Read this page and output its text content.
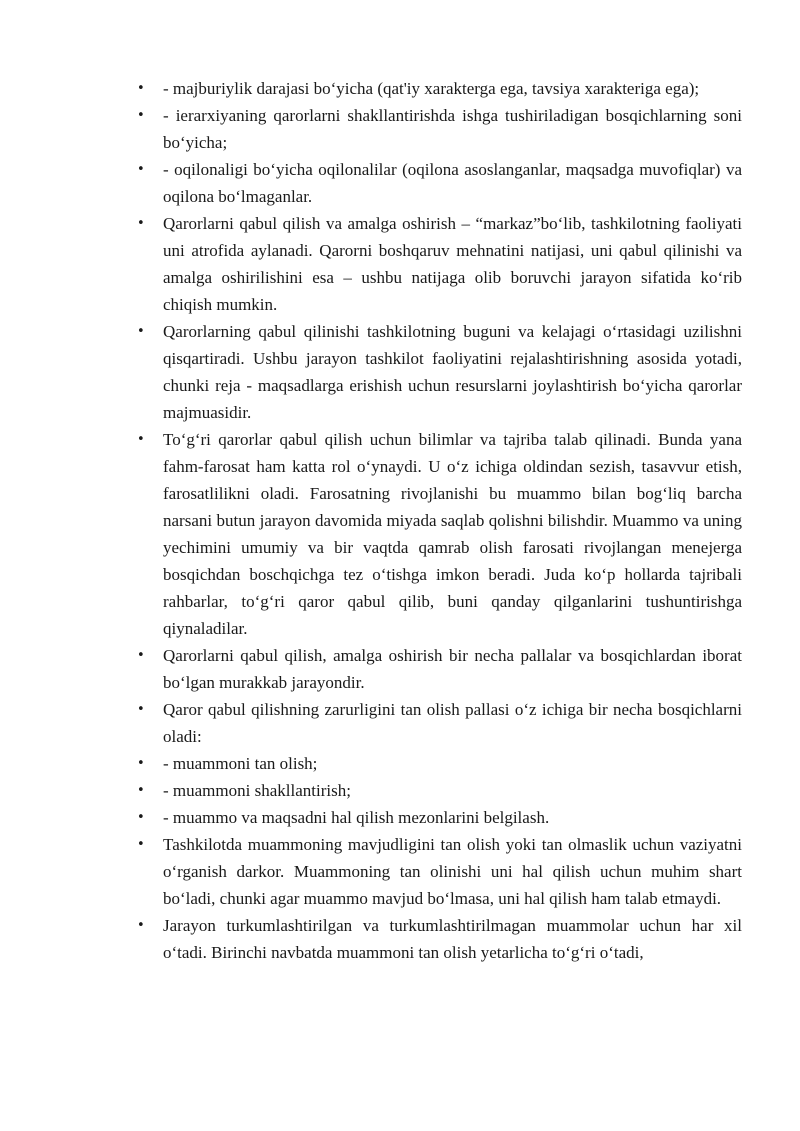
• - majburiylik darajasi bo‘yicha (qat'iy xarakterga ega, tavsiya xarakteriga ega);
• - ierarxiyaning qarorlarni shakllantirishda ishga tushiriladigan bosqichlarning soni bo‘yicha;
• - oqilonaligi bo‘yicha oqilonalilar (oqilona asoslanganlar, maqsadga muvofiqlar) va oqilona bo‘lmaganlar.
• Qarorlarni qabul qilish va amalga oshirish – “markaz”bo‘lib, tashkilotning faoliyati uni atrofida aylanadi. Qarorni boshqaruv mehnatini natijasi, uni qabul qilinishi va amalga oshirilishini esa – ushbu natijaga olib boruvchi jarayon sifatida ko‘rib chiqish mumkin.
• Qarorlarning qabul qilinishi tashkilotning buguni va kelajagi o‘rtasidagi uzilishni qisqartiradi. Ushbu jarayon tashkilot faoliyatini rejalashtirishning asosida yotadi, chunki reja - maqsadlarga erishish uchun resurslarni joylashtirish bo‘yicha qarorlar majmuasidir.
• To‘g‘ri qarorlar qabul qilish uchun bilimlar va tajriba talab qilinadi. Bunda yana fahm-farosat ham katta rol o‘ynaydi. U o‘z ichiga oldindan sezish, tasavvur etish, farosatlilikni oladi. Farosatning rivojlanishi bu muammo bilan bog‘liq barcha narsani butun jarayon davomida miyada saqlab qolishni bilishdir. Muammo va uning yechimini umumiy va bir vaqtda qamrab olish farosati rivojlangan menejerga bosqichdan boschqichga tez o‘tishga imkon beradi. Juda ko‘p hollarda tajribali rahbarlar, to‘g‘ri qaror qabul qilib, buni qanday qilganlarini tushuntirishga qiynaladilar.
• Qarorlarni qabul qilish, amalga oshirish bir necha pallalar va bosqichlardan iborat bo‘lgan murakkab jarayondir.
• Qaror qabul qilishning zarurligini tan olish pallasi o‘z ichiga bir necha bosqichlarni oladi:
• - muammoni tan olish;
• - muammoni shakllantirish;
• - muammo va maqsadni hal qilish mezonlarini belgilash.
• Tashkilotda muammoning mavjudligini tan olish yoki tan olmaslik uchun vaziyatni o‘rganish darkor. Muammoning tan olinishi uni hal qilish uchun muhim shart bo‘ladi, chunki agar muammo mavjud bo‘lmasa, uni hal qilish ham talab etmaydi.
• Jarayon turkumlashtirilgan va turkumlashtirilmagan muammolar uchun har xil o‘tadi. Birinchi navbatda muammoni tan olish yetarlicha to‘g‘ri o‘tadi,
